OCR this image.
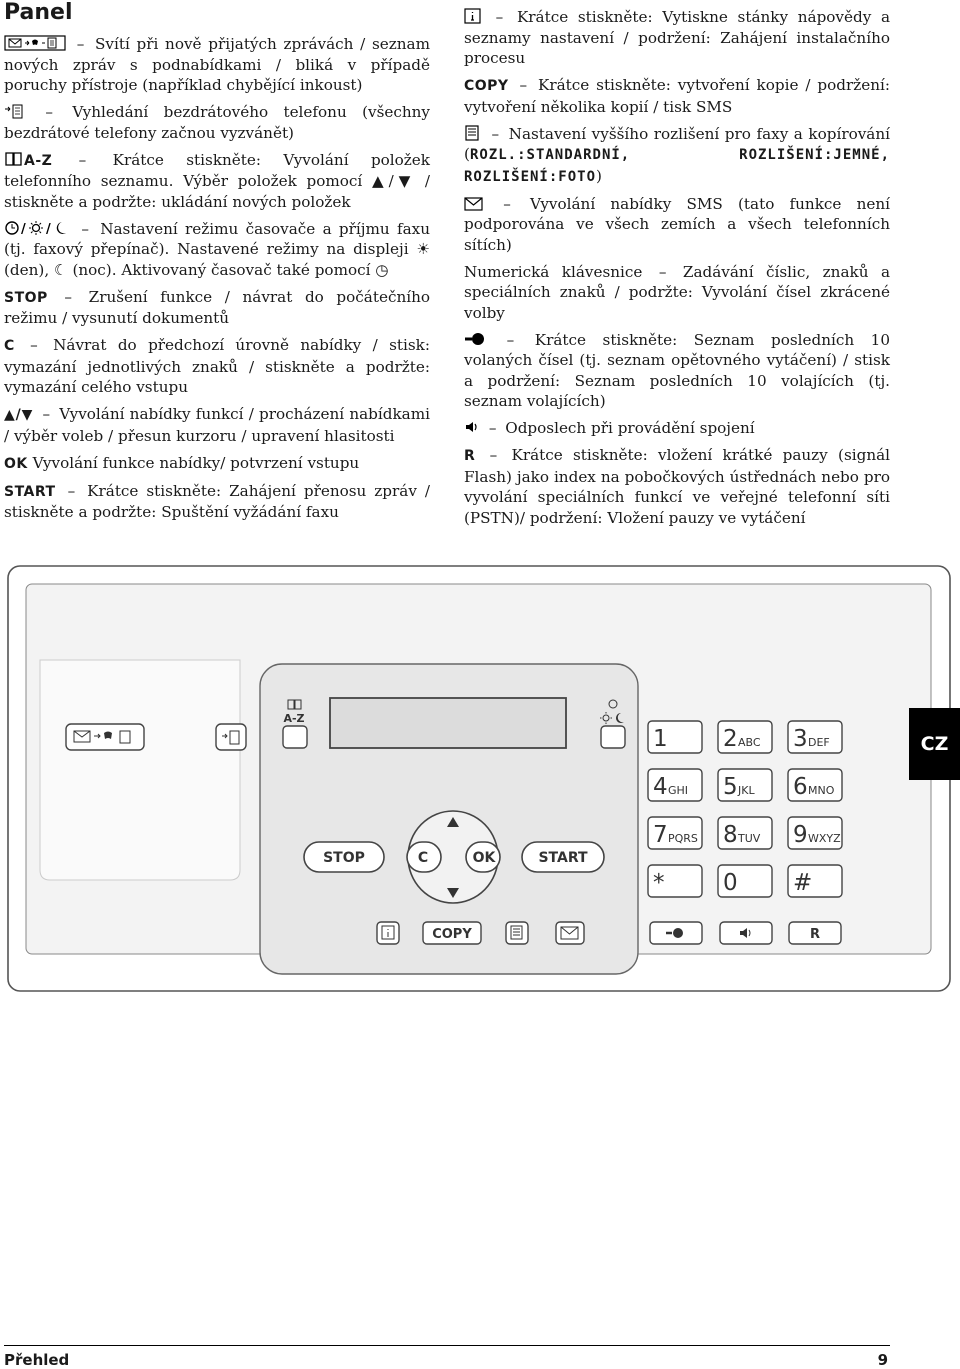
Panel

– Svítí při nově přijatých zprávách / seznam nových zpráv s podnabídkami / bliká v případě poruchy přístroje (například chybějící inkoust)

– Vyhledání bezdrátového telefonu (všechny bezdrátové telefony začnou vyzvánět)

A-Z – Krátce stiskněte: Vyvolání položek telefonního seznamu. Výběr položek pomocí ▲/▼ / stiskněte a podržte: ukládání nových položek

/ / – Nastavení režimu časovače a příjmu faxu (tj. faxový přepínač). Nastavené režimy na displeji ☀ (den), ☾ (noc). Aktivovaný časovač také pomocí ◷

STOP – Zrušení funkce / návrat do počátečního režimu / vysunutí dokumentů

C – Návrat do předchozí úrovně nabídky / stisk: vymazání jednotlivých znaků / stiskněte a podržte: vymazání celého vstupu

▲/▼ – Vyvolání nabídky funkcí / procházení nabídkami / výběr voleb / přesun kurzoru / upravení hlasitosti

OK Vyvolání funkce nabídky/ potvrzení vstupu

START – Krátce stiskněte: Zahájení přenosu zpráv / stiskněte a podržte: Spuštění vyžádání faxu

– Krátce stiskněte: Vytiskne stánky nápovědy a seznamy nastavení / podržení: Zahájení instalačního procesu

COPY – Krátce stiskněte: vytvoření kopie / podržení: vytvoření několika kopií / tisk SMS

– Nastavení vyššího rozlišení pro faxy a kopírování (ROZL.:STANDARDNÍ, ROZLIŠENÍ:JEMNÉ, ROZLIŠENÍ:FOTO)

– Vyvolání nabídky SMS (tato funkce není podporována ve všech zemích a všech telefonních sítích)

Numerická klávesnice – Zadávání číslic, znaků a speciálních znaků / podržte: Vyvolání čísel zkrácené volby

– Krátce stiskněte: Seznam posledních 10 volaných čísel (tj. seznam opětovného vytáčení) / stisk a podržení: Seznam posledních 10 volajících (tj. seznam volajících)

– Odposlech při provádění spojení

R – Krátce stiskněte: vložení krátké pauzy (signál Flash) jako index na pobočkových ústřednách nebo pro vyvolání speciálních funkcí ve veřejné telefonní síti (PSTN)/ podržení: Vložení pauzy ve vytáčení

A-Z
STOP	C	OK	START
COPY
1 2 ABC 3 DEF
4 GHI 5 JKL 6 MNO
7 PQRS 8 TUV 9 WXYZ
*	0 #
R
CZ
Přehled	9
